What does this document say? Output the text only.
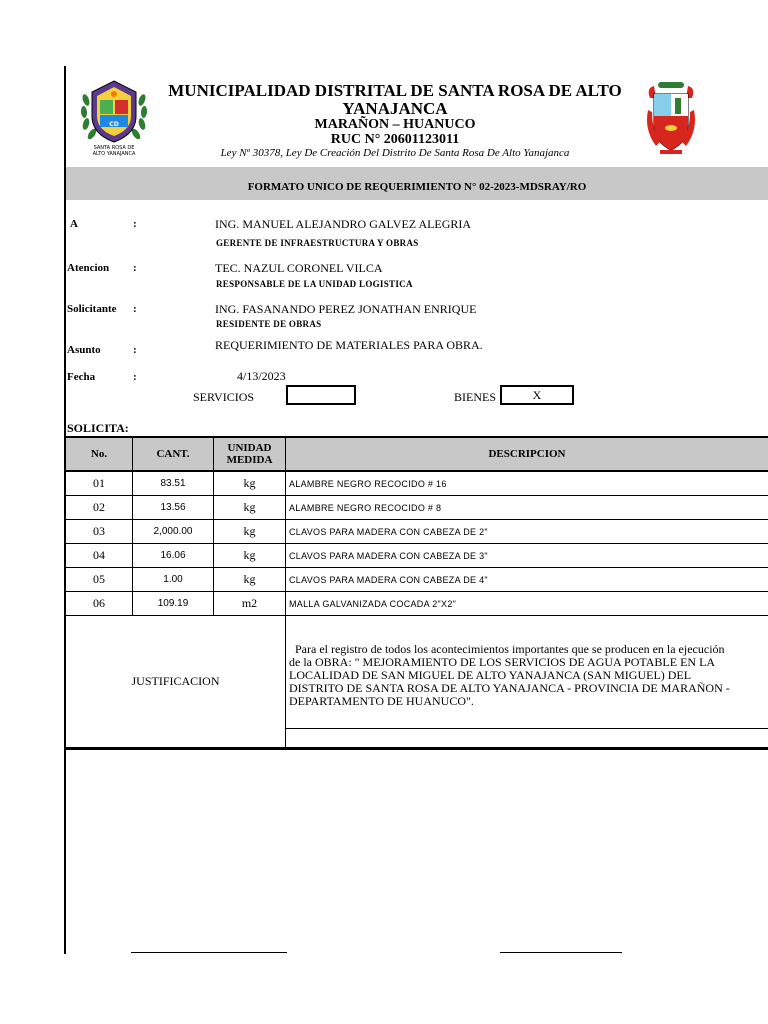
CD
SANTA ROSA DE
ALTO YANAJANCA
MUNICIPALIDAD DISTRITAL DE SANTA ROSA DE ALTO YANAJANCA
MARAÑON – HUANUCO
RUC N° 20601123011
Ley Nº 30378, Ley De Creación Del Distrito De Santa Rosa De Alto Yanajanca
FORMATO UNICO DE REQUERIMIENTO N° 02-2023-MDSRAY/RO
A	:	ING. MANUEL ALEJANDRO GALVEZ ALEGRIA
GERENTE DE INFRAESTRUCTURA Y OBRAS
Atencion :	TEC. NAZUL CORONEL VILCA
RESPONSABLE DE LA UNIDAD LOGISTICA
Solicitante :	ING. FASANANDO PEREZ JONATHAN ENRIQUE
RESIDENTE DE OBRAS
Asunto	:	REQUERIMIENTO DE MATERIALES PARA OBRA.
Fecha	:	4/13/2023
SERVICIOS	BIENES	X
SOLICITA:
No.	CANT.	UNIDAD MEDIDA	DESCRIPCION
01	83.51	kg	ALAMBRE NEGRO RECOCIDO # 16
02	13.56	kg	ALAMBRE NEGRO RECOCIDO # 8
03	2,000.00	kg	CLAVOS PARA MADERA CON CABEZA DE 2"
04	16.06	kg	CLAVOS PARA MADERA CON CABEZA DE 3"
05	1.00	kg	CLAVOS PARA MADERA CON CABEZA DE 4"
06	109.19	m2	MALLA GALVANIZADA COCADA 2"X2"
JUSTIFICACION			Para el registro de todos los acontecimientos importantes que se producen en la ejecución
de la OBRA: " MEJORAMIENTO DE LOS SERVICIOS DE AGUA POTABLE EN LA
LOCALIDAD DE SAN MIGUEL DE ALTO YANAJANCA (SAN MIGUEL) DEL
DISTRITO DE SANTA ROSA DE ALTO YANAJANCA - PROVINCIA DE MARAÑON -
DEPARTAMENTO DE HUANUCO".
